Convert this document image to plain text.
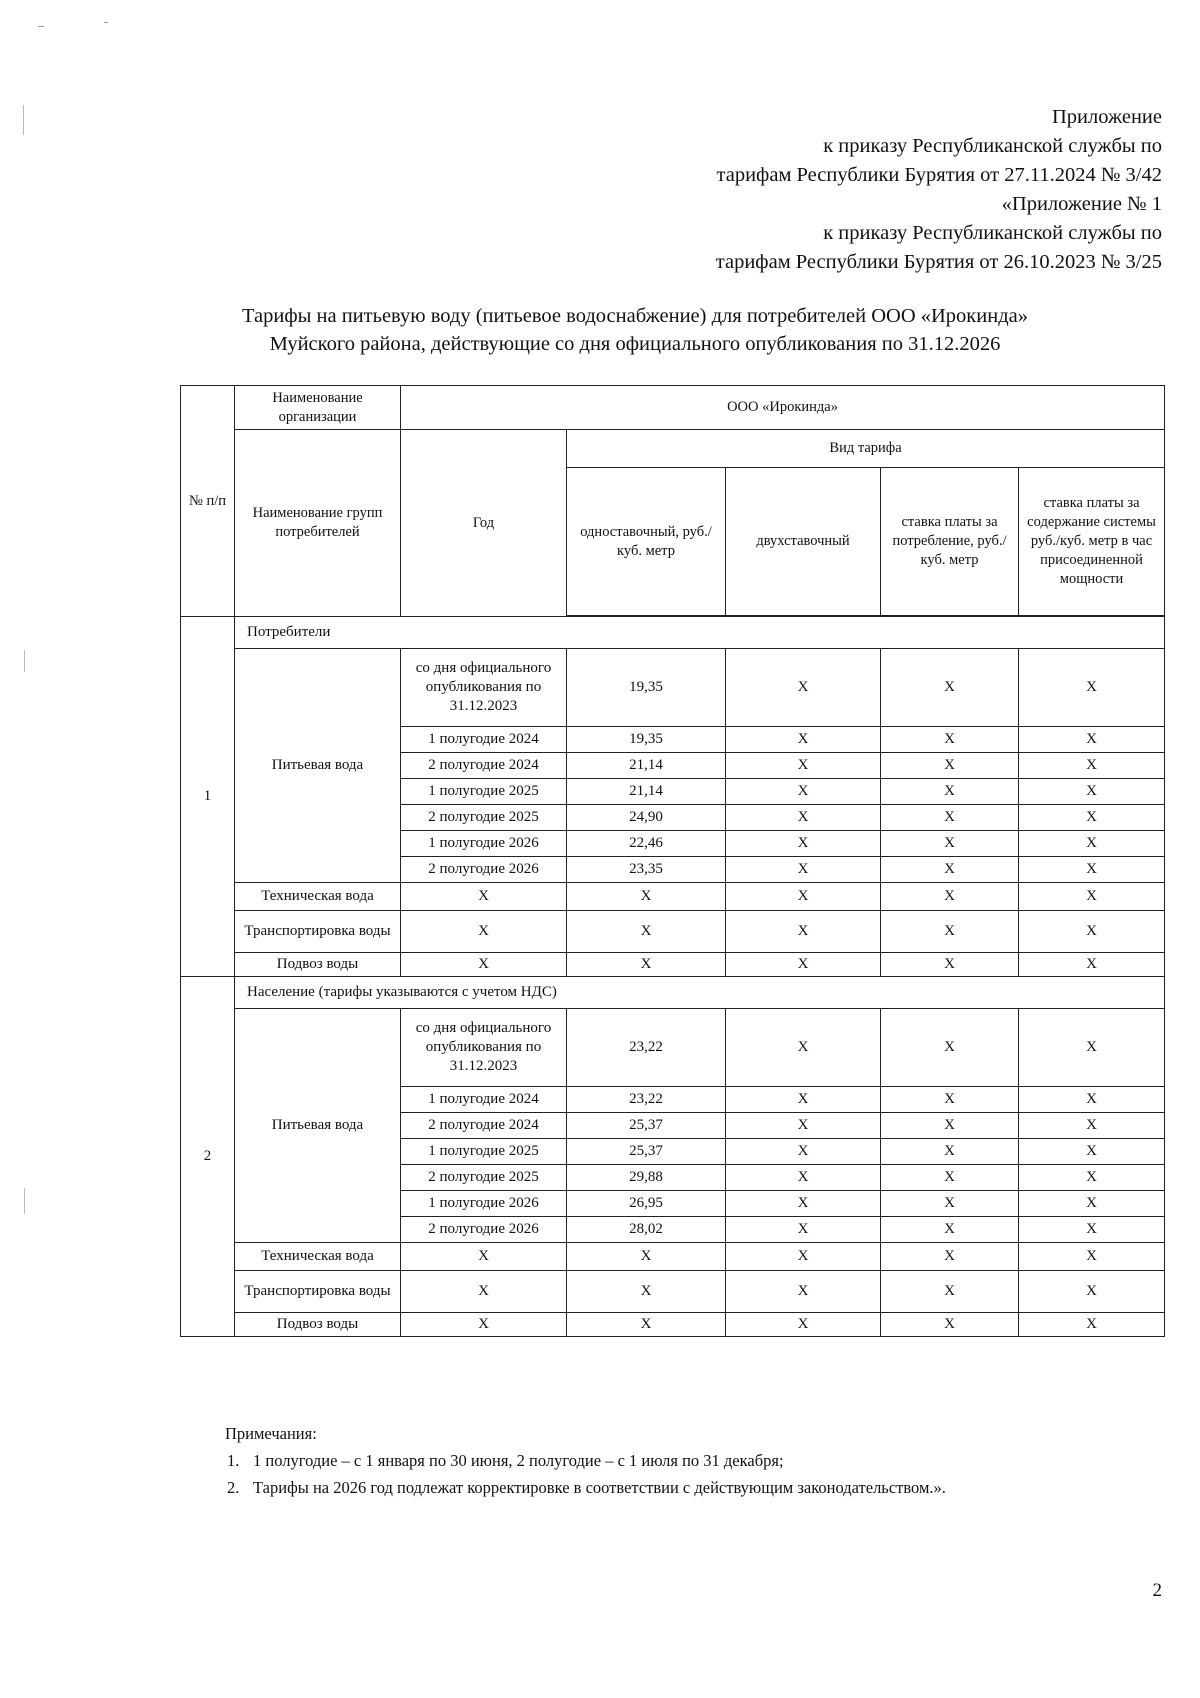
Приложение
к приказу Республиканской службы по
тарифам Республики Бурятия от 27.11.2024 № 3/42
«Приложение № 1
к приказу Республиканской службы по
тарифам Республики Бурятия от 26.10.2023 № 3/25
Тарифы на питьевую воду (питьевое водоснабжение) для потребителей ООО «Ирокинда»
Муйского района, действующие со дня официального опубликования по 31.12.2026
№ п/п	Наименование организации	ООО «Ирокинда»				
	Наименование групп потребителей	Год	Вид тарифа			
			одноставочный, руб./ куб. метр	двухставочный	ставка платы за потребление, руб./ куб. метр	ставка платы за содержание системы руб./куб. метр в час присоединенной мощности

1	Потребители					
	Питьевая вода	со дня официального опубликования по 31.12.2023	19,35	X	X	X
		1 полугодие 2024	19,35	X	X	X
		2 полугодие 2024	21,14	X	X	X
		1 полугодие 2025	21,14	X	X	X
		2 полугодие 2025	24,90	X	X	X
		1 полугодие 2026	22,46	X	X	X
		2 полугодие 2026	23,35	X	X	X
	Техническая вода	X	X	X	X	X
	Транспортировка воды	X	X	X	X	X
	Подвоз воды	X	X	X	X	X
2	Население (тарифы указываются с учетом НДС)					
	Питьевая вода	со дня официального опубликования по 31.12.2023	23,22	X	X	X
		1 полугодие 2024	23,22	X	X	X
		2 полугодие 2024	25,37	X	X	X
		1 полугодие 2025	25,37	X	X	X
		2 полугодие 2025	29,88	X	X	X
		1 полугодие 2026	26,95	X	X	X
		2 полугодие 2026	28,02	X	X	X
	Техническая вода	X	X	X	X	X
	Транспортировка воды	X	X	X	X	X
	Подвоз воды	X	X	X	X	X
Примечания:
1. 1 полугодие – с 1 января по 30 июня, 2 полугодие – с 1 июля по 31 декабря;
2. Тарифы на 2026 год подлежат корректировке в соответствии с действующим законодательством.».
2
